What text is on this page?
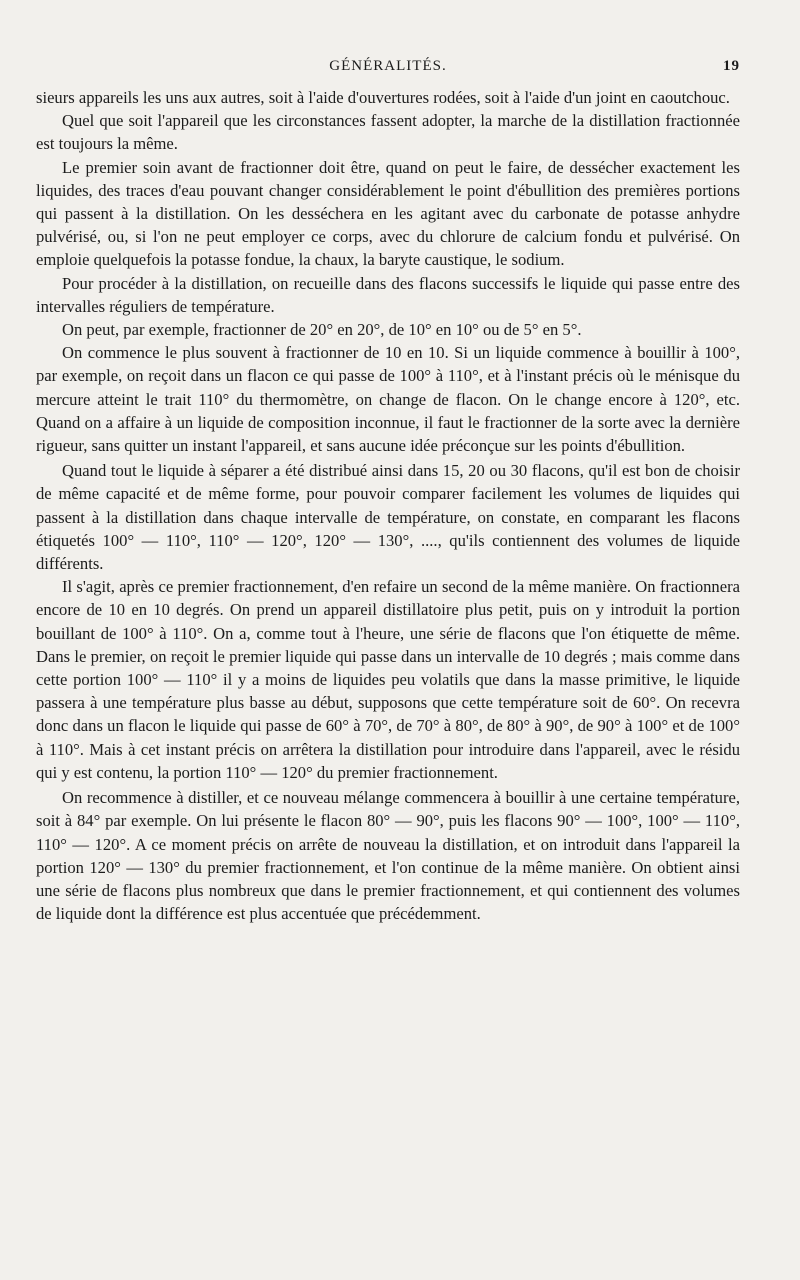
GÉNÉRALITÉS.	19

sieurs appareils les uns aux autres, soit à l'aide d'ouvertures rodées, soit à l'aide d'un joint en caoutchouc.

Quel que soit l'appareil que les circonstances fassent adopter, la marche de la distillation fractionnée est toujours la même.

Le premier soin avant de fractionner doit être, quand on peut le faire, de dessécher exactement les liquides, des traces d'eau pouvant changer considérablement le point d'ébullition des premières portions qui passent à la distillation. On les desséchera en les agitant avec du carbonate de potasse anhydre pulvérisé, ou, si l'on ne peut employer ce corps, avec du chlorure de calcium fondu et pulvérisé. On emploie quelquefois la potasse fondue, la chaux, la baryte caustique, le sodium.

Pour procéder à la distillation, on recueille dans des flacons successifs le liquide qui passe entre des intervalles réguliers de température.

On peut, par exemple, fractionner de 20° en 20°, de 10° en 10° ou de 5° en 5°.

On commence le plus souvent à fractionner de 10 en 10. Si un liquide commence à bouillir à 100°, par exemple, on reçoit dans un flacon ce qui passe de 100° à 110°, et à l'instant précis où le ménisque du mercure atteint le trait 110° du thermomètre, on change de flacon. On le change encore à 120°, etc. Quand on a affaire à un liquide de composition inconnue, il faut le fractionner de la sorte avec la dernière rigueur, sans quitter un instant l'appareil, et sans aucune idée préconçue sur les points d'ébullition.

Quand tout le liquide à séparer a été distribué ainsi dans 15, 20 ou 30 flacons, qu'il est bon de choisir de même capacité et de même forme, pour pouvoir comparer facilement les volumes de liquides qui passent à la distillation dans chaque intervalle de température, on constate, en comparant les flacons étiquetés 100° — 110°, 110° — 120°, 120° — 130°, ...., qu'ils contiennent des volumes de liquide différents.

Il s'agit, après ce premier fractionnement, d'en refaire un second de la même manière. On fractionnera encore de 10 en 10 degrés. On prend un appareil distillatoire plus petit, puis on y introduit la portion bouillant de 100° à 110°. On a, comme tout à l'heure, une série de flacons que l'on étiquette de même. Dans le premier, on reçoit le premier liquide qui passe dans un intervalle de 10 degrés ; mais comme dans cette portion 100° — 110° il y a moins de liquides peu volatils que dans la masse primitive, le liquide passera à une température plus basse au début, supposons que cette température soit de 60°. On recevra donc dans un flacon le liquide qui passe de 60° à 70°, de 70° à 80°, de 80° à 90°, de 90° à 100° et de 100° à 110°. Mais à cet instant précis on arrêtera la distillation pour introduire dans l'appareil, avec le résidu qui y est contenu, la portion 110° — 120° du premier fractionnement.

On recommence à distiller, et ce nouveau mélange commencera à bouillir à une certaine température, soit à 84° par exemple. On lui présente le flacon 80° — 90°, puis les flacons 90° — 100°, 100° — 110°, 110° — 120°. A ce moment précis on arrête de nouveau la distillation, et on introduit dans l'appareil la portion 120° — 130° du premier fractionnement, et l'on continue de la même manière. On obtient ainsi une série de flacons plus nombreux que dans le premier fractionnement, et qui contiennent des volumes de liquide dont la différence est plus accentuée que précédemment.
